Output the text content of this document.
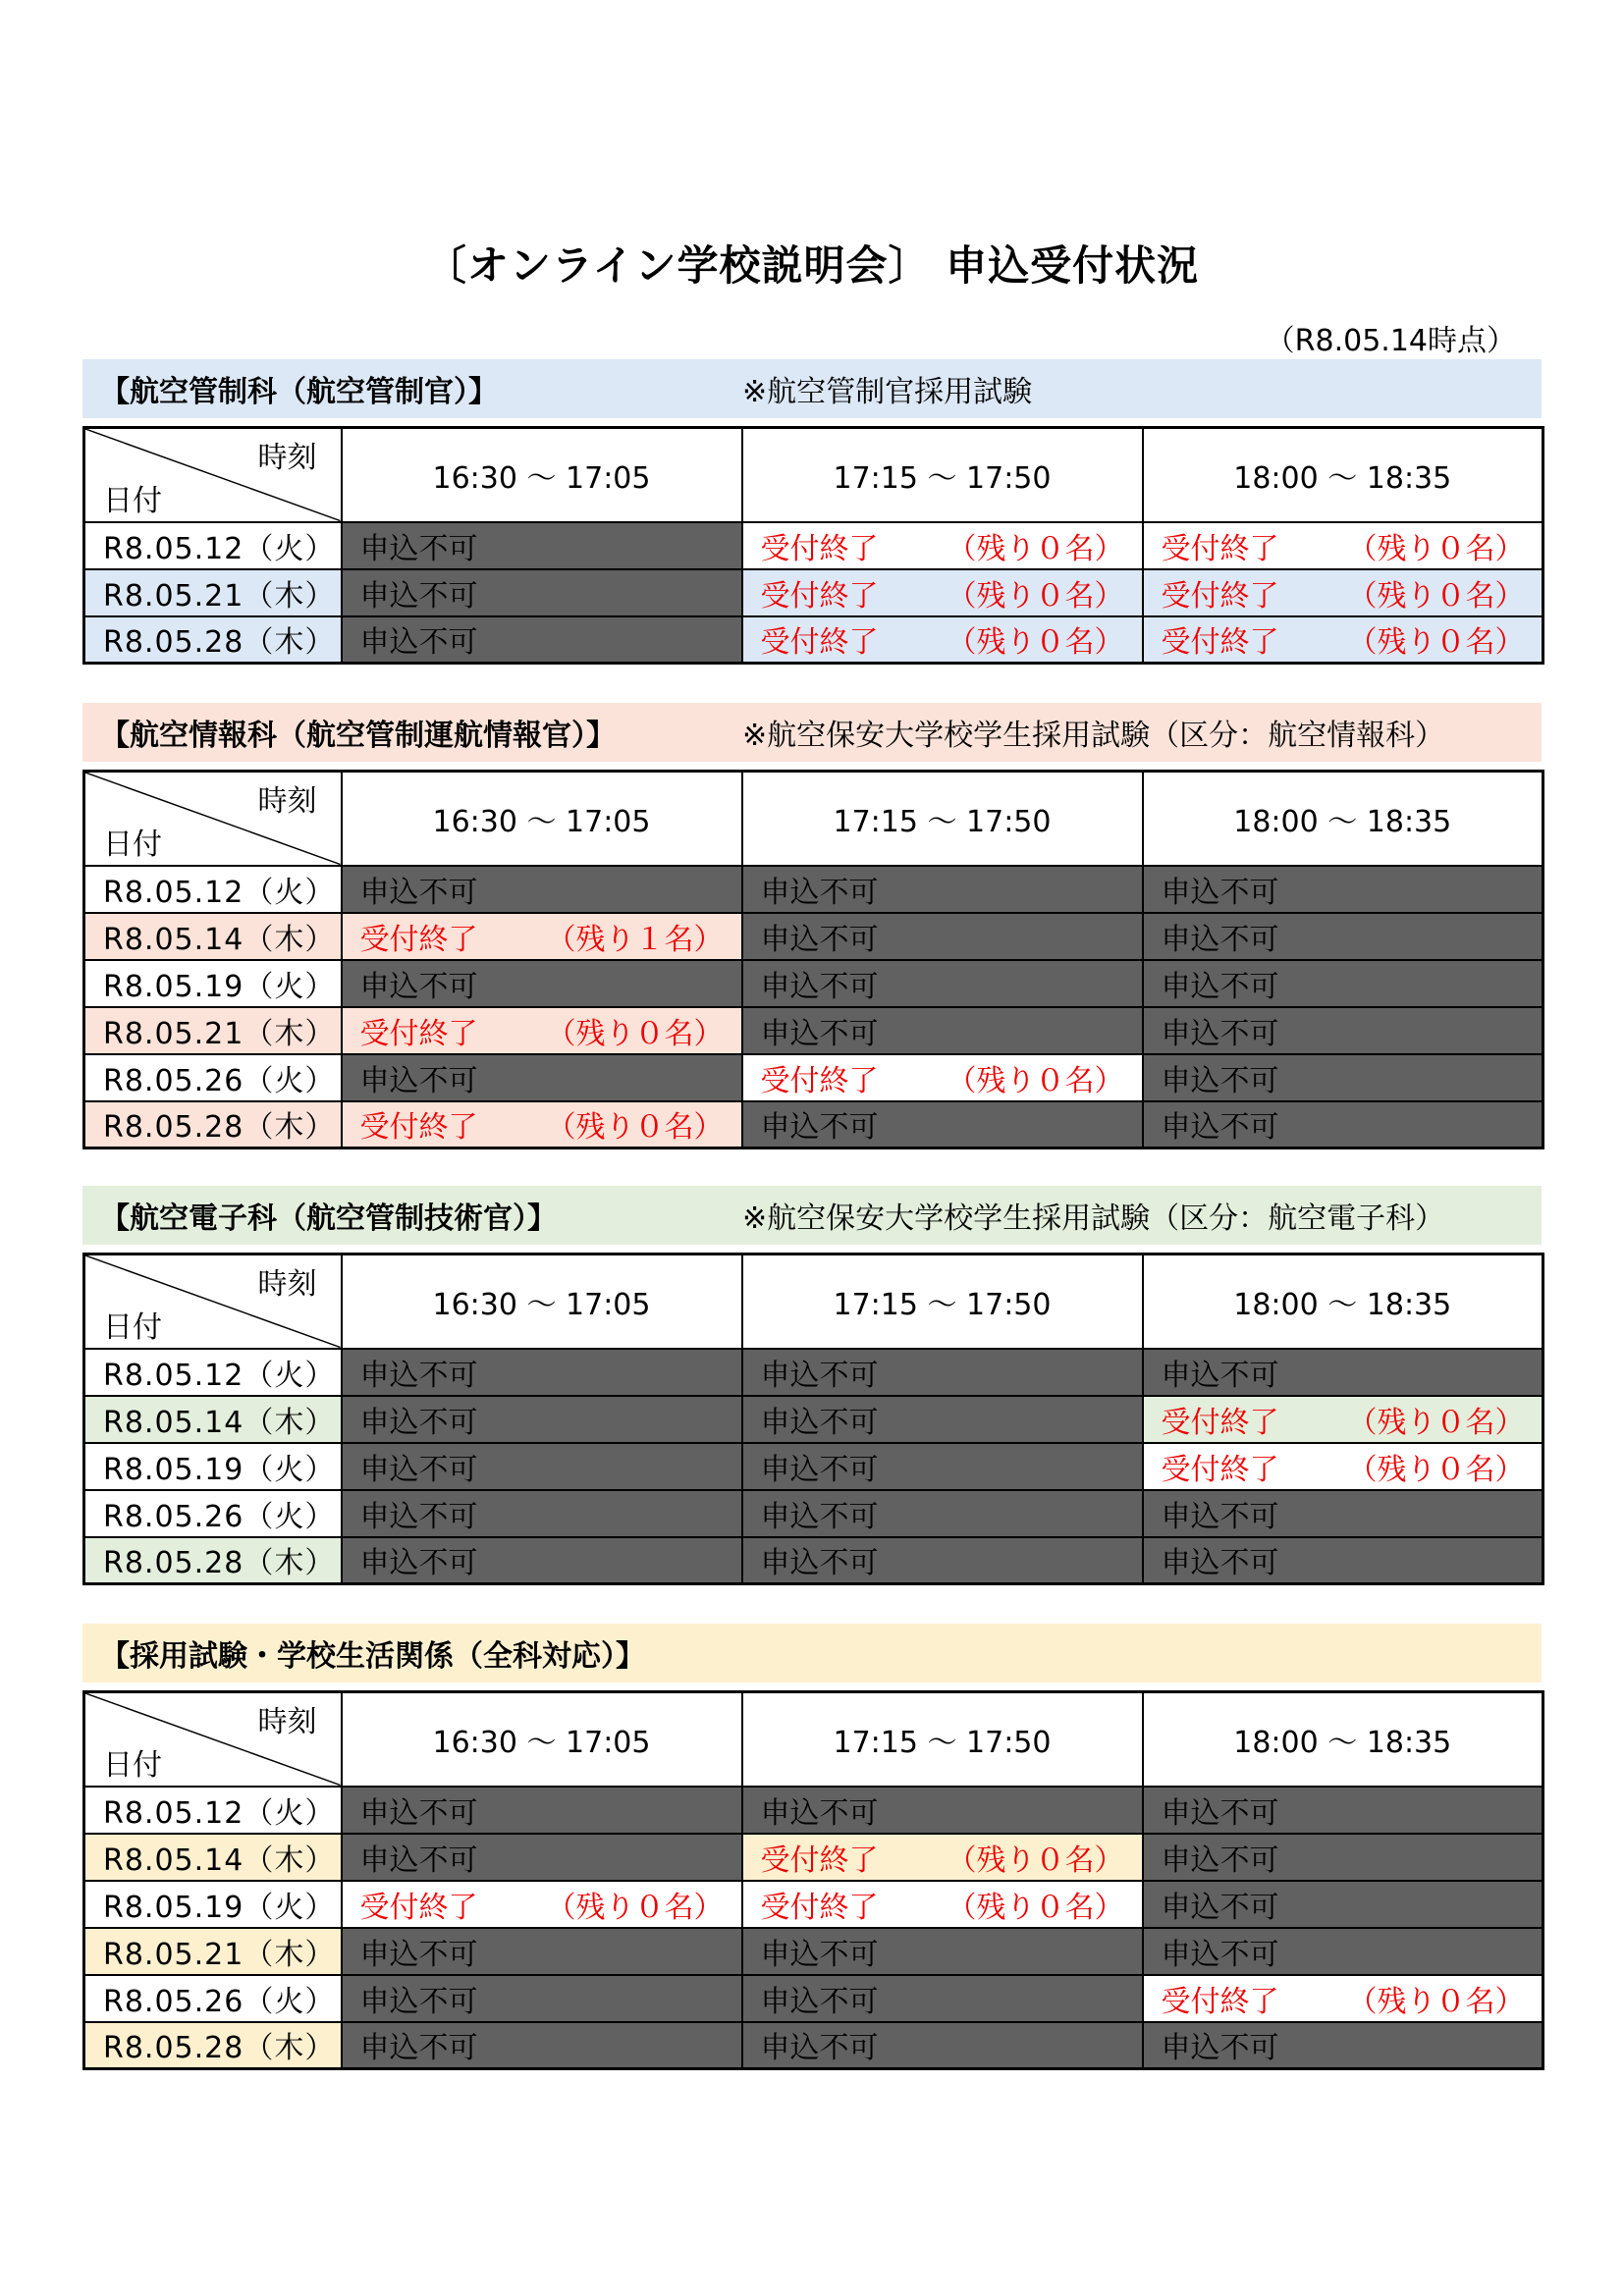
〔オンライン学校説明会〕 申込受付状況
（R8.05.14時点）
【航空管制科（航空管制官）】	※航空管制官採用試験
時刻
日付	16:30 〜 17:05	17:15 〜 17:50	18:00 〜 18:35
R8.05.12（火）	申込不可	受付終了 （残り０名）	受付終了 （残り０名）
R8.05.21（木）	申込不可	受付終了 （残り０名）	受付終了 （残り０名）
R8.05.28（木）	申込不可	受付終了 （残り０名）	受付終了 （残り０名）
【航空情報科（航空管制運航情報官）】	※航空保安大学校学生採用試験（区分：航空情報科）
時刻
日付	16:30 〜 17:05	17:15 〜 17:50	18:00 〜 18:35
R8.05.12（火）	申込不可	申込不可	申込不可
R8.05.14（木）	受付終了 （残り１名）	申込不可	申込不可
R8.05.19（火）	申込不可	申込不可	申込不可
R8.05.21（木）	受付終了 （残り０名）	申込不可	申込不可
R8.05.26（火）	申込不可	受付終了 （残り０名）	申込不可
R8.05.28（木）	受付終了 （残り０名）	申込不可	申込不可
【航空電子科（航空管制技術官）】	※航空保安大学校学生採用試験（区分：航空電子科）
時刻
日付	16:30 〜 17:05	17:15 〜 17:50	18:00 〜 18:35
R8.05.12（火）	申込不可	申込不可	申込不可
R8.05.14（木）	申込不可	申込不可	受付終了 （残り０名）
R8.05.19（火）	申込不可	申込不可	受付終了 （残り０名）
R8.05.26（火）	申込不可	申込不可	申込不可
R8.05.28（木）	申込不可	申込不可	申込不可
【採用試験・学校生活関係（全科対応）】
時刻
日付	16:30 〜 17:05	17:15 〜 17:50	18:00 〜 18:35
R8.05.12（火）	申込不可	申込不可	申込不可
R8.05.14（木）	申込不可	受付終了 （残り０名）	申込不可
R8.05.19（火）	受付終了 （残り０名）	受付終了 （残り０名）	申込不可
R8.05.21（木）	申込不可	申込不可	申込不可
R8.05.26（火）	申込不可	申込不可	受付終了 （残り０名）
R8.05.28（木）	申込不可	申込不可	申込不可
